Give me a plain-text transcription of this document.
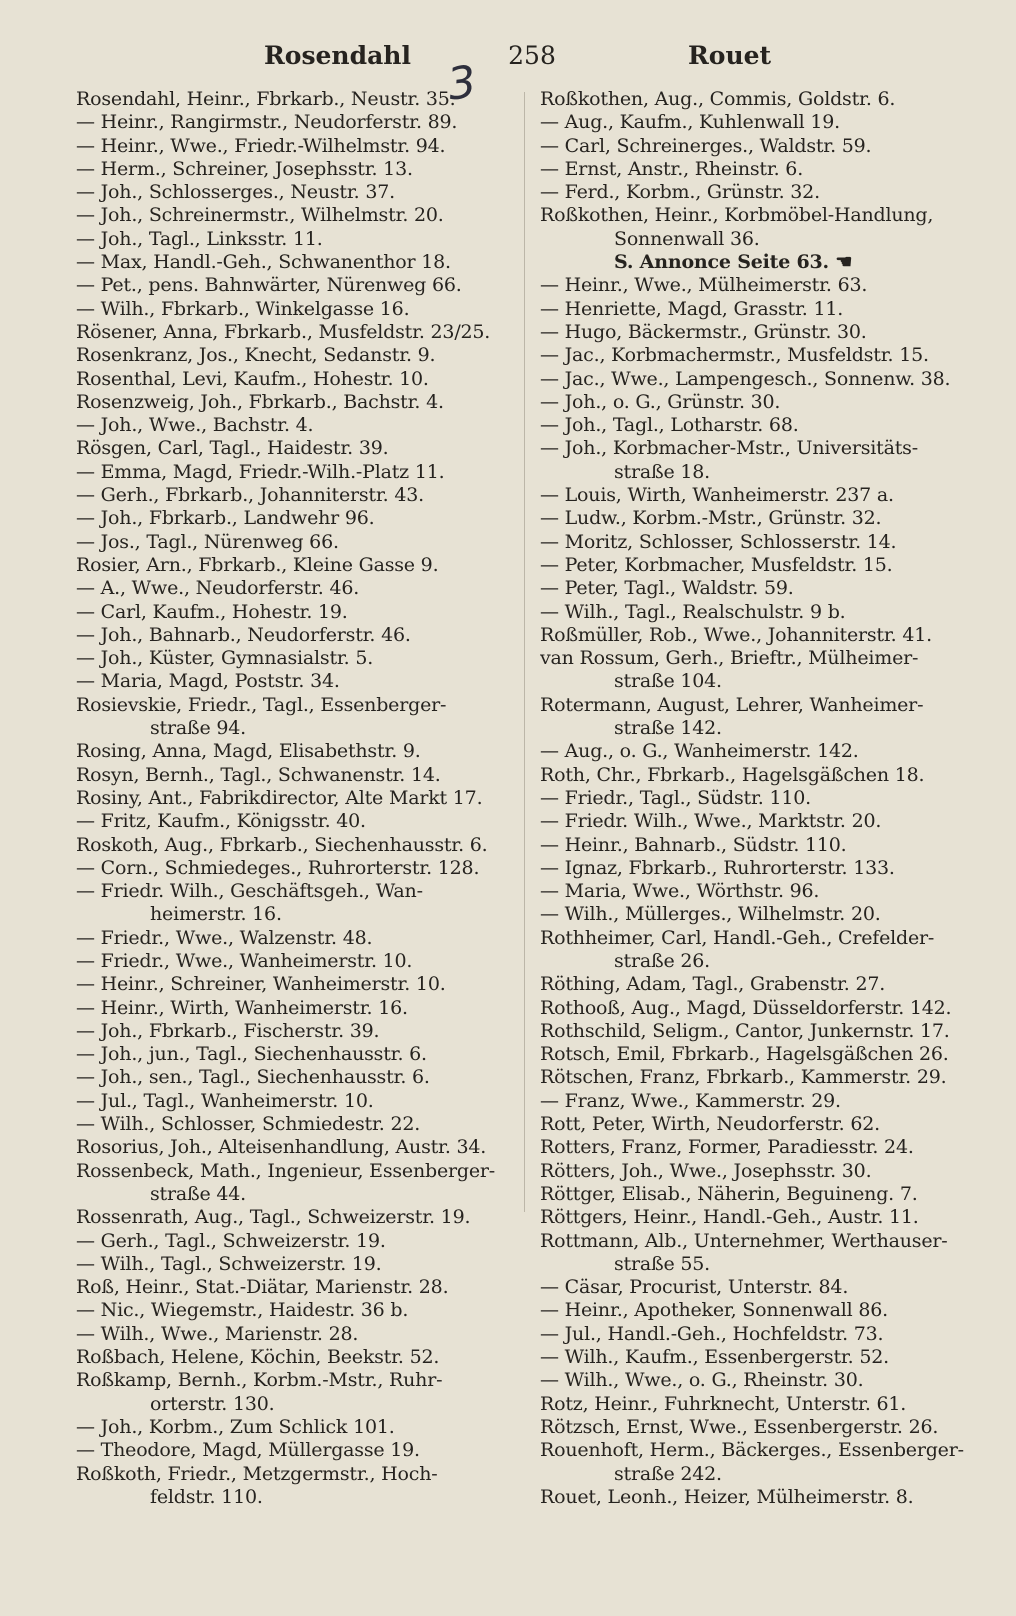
Rosendahl	258	Rouet
3
Rosendahl, Heinr., Fbrkarb., Neustr. 35.
— Heinr., Rangirmstr., Neudorferstr. 89.
— Heinr., Wwe., Friedr.-Wilhelmstr. 94.
— Herm., Schreiner, Josephsstr. 13.
— Joh., Schlosserges., Neustr. 37.
— Joh., Schreinermstr., Wilhelmstr. 20.
— Joh., Tagl., Linksstr. 11.
— Max, Handl.-Geh., Schwanenthor 18.
— Pet., pens. Bahnwärter, Nürenweg 66.
— Wilh., Fbrkarb., Winkelgasse 16.
Rösener, Anna, Fbrkarb., Musfeldstr. 23/25.
Rosenkranz, Jos., Knecht, Sedanstr. 9.
Rosenthal, Levi, Kaufm., Hohestr. 10.
Rosenzweig, Joh., Fbrkarb., Bachstr. 4.
— Joh., Wwe., Bachstr. 4.
Rösgen, Carl, Tagl., Haidestr. 39.
— Emma, Magd, Friedr.-Wilh.-Platz 11.
— Gerh., Fbrkarb., Johanniterstr. 43.
— Joh., Fbrkarb., Landwehr 96.
— Jos., Tagl., Nürenweg 66.
Rosier, Arn., Fbrkarb., Kleine Gasse 9.
— A., Wwe., Neudorferstr. 46.
— Carl, Kaufm., Hohestr. 19.
— Joh., Bahnarb., Neudorferstr. 46.
— Joh., Küster, Gymnasialstr. 5.
— Maria, Magd, Poststr. 34.
Rosievskie, Friedr., Tagl., Essenberger-
straße 94.
Rosing, Anna, Magd, Elisabethstr. 9.
Rosyn, Bernh., Tagl., Schwanenstr. 14.
Rosiny, Ant., Fabrikdirector, Alte Markt 17.
— Fritz, Kaufm., Königsstr. 40.
Roskoth, Aug., Fbrkarb., Siechenhausstr. 6.
— Corn., Schmiedeges., Ruhrorterstr. 128.
— Friedr. Wilh., Geschäftsgeh., Wan-
heimerstr. 16.
— Friedr., Wwe., Walzenstr. 48.
— Friedr., Wwe., Wanheimerstr. 10.
— Heinr., Schreiner, Wanheimerstr. 10.
— Heinr., Wirth, Wanheimerstr. 16.
— Joh., Fbrkarb., Fischerstr. 39.
— Joh., jun., Tagl., Siechenhausstr. 6.
— Joh., sen., Tagl., Siechenhausstr. 6.
— Jul., Tagl., Wanheimerstr. 10.
— Wilh., Schlosser, Schmiedestr. 22.
Rosorius, Joh., Alteisenhandlung, Austr. 34.
Rossenbeck, Math., Ingenieur, Essenberger-
straße 44.
Rossenrath, Aug., Tagl., Schweizerstr. 19.
— Gerh., Tagl., Schweizerstr. 19.
— Wilh., Tagl., Schweizerstr. 19.
Roß, Heinr., Stat.-Diätar, Marienstr. 28.
— Nic., Wiegemstr., Haidestr. 36 b.
— Wilh., Wwe., Marienstr. 28.
Roßbach, Helene, Köchin, Beekstr. 52.
Roßkamp, Bernh., Korbm.-Mstr., Ruhr-
orterstr. 130.
— Joh., Korbm., Zum Schlick 101.
— Theodore, Magd, Müllergasse 19.
Roßkoth, Friedr., Metzgermstr., Hoch-
feldstr. 110.
Roßkothen, Aug., Commis, Goldstr. 6.
— Aug., Kaufm., Kuhlenwall 19.
— Carl, Schreinerges., Waldstr. 59.
— Ernst, Anstr., Rheinstr. 6.
— Ferd., Korbm., Grünstr. 32.
Roßkothen, Heinr., Korbmöbel-Handlung,
Sonnenwall 36.
S. Annonce Seite 63. ☚
— Heinr., Wwe., Mülheimerstr. 63.
— Henriette, Magd, Grasstr. 11.
— Hugo, Bäckermstr., Grünstr. 30.
— Jac., Korbmachermstr., Musfeldstr. 15.
— Jac., Wwe., Lampengesch., Sonnenw. 38.
— Joh., o. G., Grünstr. 30.
— Joh., Tagl., Lotharstr. 68.
— Joh., Korbmacher-Mstr., Universitäts-
straße 18.
— Louis, Wirth, Wanheimerstr. 237 a.
— Ludw., Korbm.-Mstr., Grünstr. 32.
— Moritz, Schlosser, Schlosserstr. 14.
— Peter, Korbmacher, Musfeldstr. 15.
— Peter, Tagl., Waldstr. 59.
— Wilh., Tagl., Realschulstr. 9 b.
Roßmüller, Rob., Wwe., Johanniterstr. 41.
van Rossum, Gerh., Brieftr., Mülheimer-
straße 104.
Rotermann, August, Lehrer, Wanheimer-
straße 142.
— Aug., o. G., Wanheimerstr. 142.
Roth, Chr., Fbrkarb., Hagelsgäßchen 18.
— Friedr., Tagl., Südstr. 110.
— Friedr. Wilh., Wwe., Marktstr. 20.
— Heinr., Bahnarb., Südstr. 110.
— Ignaz, Fbrkarb., Ruhrorterstr. 133.
— Maria, Wwe., Wörthstr. 96.
— Wilh., Müllerges., Wilhelmstr. 20.
Rothheimer, Carl, Handl.-Geh., Crefelder-
straße 26.
Röthing, Adam, Tagl., Grabenstr. 27.
Rothooß, Aug., Magd, Düsseldorferstr. 142.
Rothschild, Seligm., Cantor, Junkernstr. 17.
Rotsch, Emil, Fbrkarb., Hagelsgäßchen 26.
Rötschen, Franz, Fbrkarb., Kammerstr. 29.
— Franz, Wwe., Kammerstr. 29.
Rott, Peter, Wirth, Neudorferstr. 62.
Rotters, Franz, Former, Paradiesstr. 24.
Rötters, Joh., Wwe., Josephsstr. 30.
Röttger, Elisab., Näherin, Beguineng. 7.
Röttgers, Heinr., Handl.-Geh., Austr. 11.
Rottmann, Alb., Unternehmer, Werthauser-
straße 55.
— Cäsar, Procurist, Unterstr. 84.
— Heinr., Apotheker, Sonnenwall 86.
— Jul., Handl.-Geh., Hochfeldstr. 73.
— Wilh., Kaufm., Essenbergerstr. 52.
— Wilh., Wwe., o. G., Rheinstr. 30.
Rotz, Heinr., Fuhrknecht, Unterstr. 61.
Rötzsch, Ernst, Wwe., Essenbergerstr. 26.
Rouenhoft, Herm., Bäckerges., Essenberger-
straße 242.
Rouet, Leonh., Heizer, Mülheimerstr. 8.
